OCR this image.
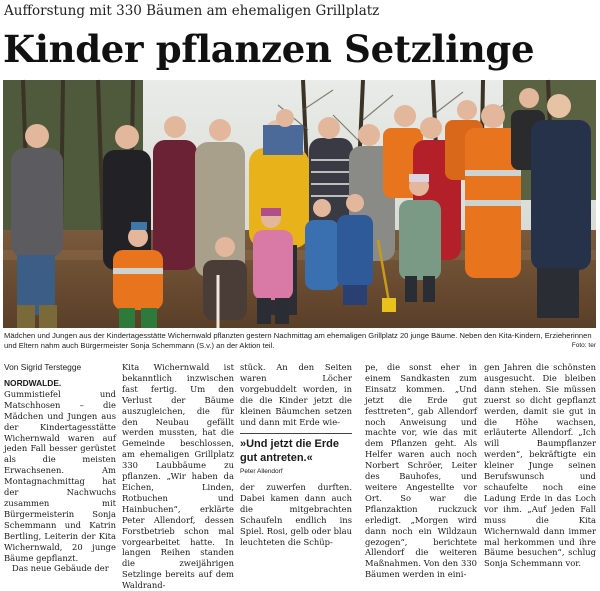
Aufforstung mit 330 Bäumen am ehemaligen Grillplatz
Kinder pflanzen Setzlinge
Mädchen und Jungen aus der Kindertagesstätte Wichernwald pflanzten gestern Nachmittag am ehemaligen Grillplatz 20 junge Bäume. Neben den Kita-Kindern, Erzieherinnen und Eltern nahm auch Bürgermeister Sonja Schemmann (S.v.) an der Aktion teil.	Foto: ter
Von Sigrid Terstegge

NORDWALDE. Gummistiefel und Matschhosen – die Mädchen und Jungen aus der Kindertagesstätte Wichernwald waren auf jeden Fall besser gerüstet als die meisten Erwachsenen. Am Montagnachmittag hat der Nachwuchs zusammen mit Bürgermeisterin Sonja Schemmann und Katrin Bertling, Leiterin der Kita Wichernwald, 20 junge Bäume gepflanzt.

Das neue Gebäude der

Kita Wichernwald ist bekanntlich inzwischen fast fertig. Um den Verlust der Bäume auszugleichen, die für den Neubau gefällt werden mussten, hat die Gemeinde beschlossen, am ehemaligen Grillplatz 330 Laubbäume zu pflanzen. „Wir haben da Eichen, Linden, Rotbuchen und Hainbuchen“, erklärte Peter Allendorf, dessen Forstbetrieb schon mal vorgearbeitet hatte. In langen Reihen standen die zweijährigen Setzlinge bereits auf dem Waldrand-

stück. An den Seiten waren Löcher vorgebuddelt worden, in die die Kinder jetzt die kleinen Bäumchen setzen und dann mit Erde wie-

»Und jetzt die Erde gut antreten.«
Peter Allendorf

der zuwerfen durften. Dabei kamen dann auch die mitgebrachten Schaufeln endlich ins Spiel. Rosi, gelb oder blau leuchteten die Schüp-

pe, die sonst eher in einem Sandkasten zum Einsatz kommen. „Und jetzt die Erde gut festtreten“, gab Allendorf noch Anweisung und machte vor, wie das mit dem Pflanzen geht. Als Helfer waren auch noch Norbert Schröer, Leiter des Bauhofes, und weitere Angestellte vor Ort. So war die Pflanzaktion ruckzuck erledigt. „Morgen wird dann noch ein Wildzaun gezogen“, berichtete Allendorf die weiteren Maßnahmen. Von den 330 Bäumen werden in eini-

gen Jahren die schönsten ausgesucht. Die bleiben dann stehen. Sie müssen zuerst so dicht gepflanzt werden, damit sie gut in die Höhe wachsen, erläuterte Allendorf. „Ich will Baumpflanzer werden“, bekräftigte ein kleiner Junge seinen Berufswunsch und schaufelte noch eine Ladung Erde in das Loch vor ihm. „Auf jeden Fall muss die Kita Wichernwald dann immer mal herkommen und ihre Bäume besuchen“, schlug Sonja Schemmann vor.
